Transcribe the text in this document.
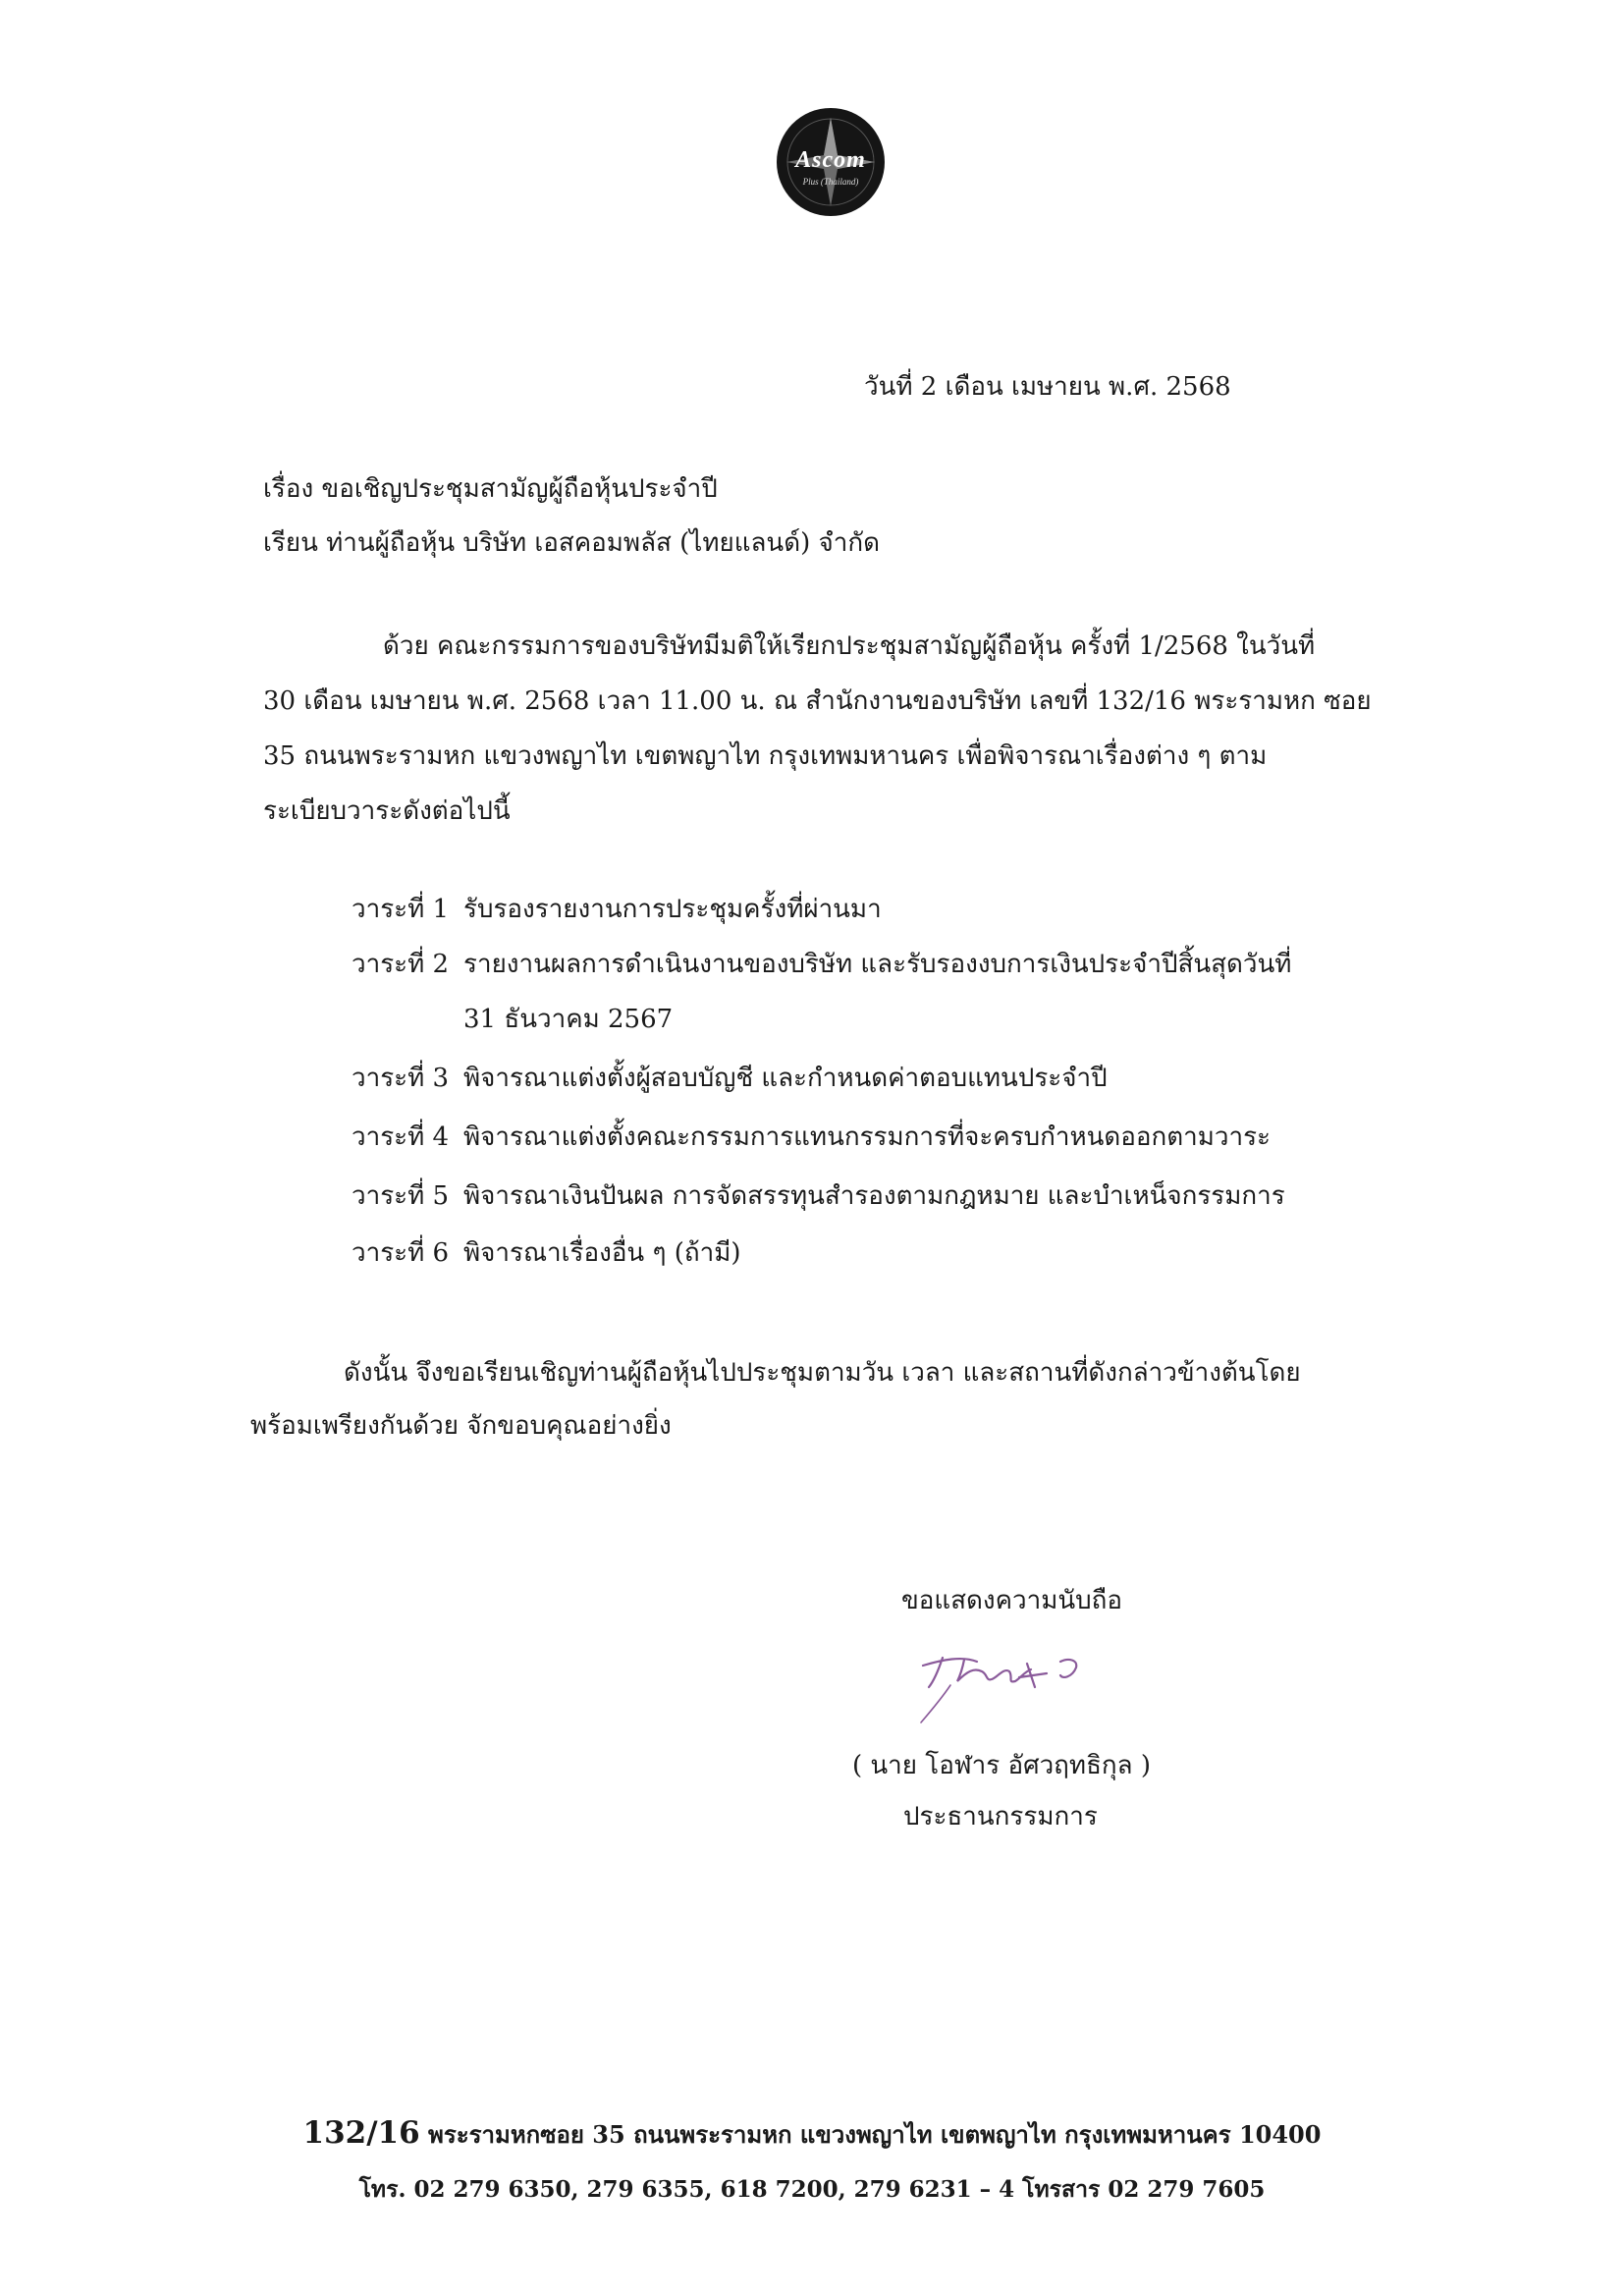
Ascom
Plus (Thailand)
วันที่ 2 เดือน เมษายน พ.ศ. 2568
เรื่อง ขอเชิญประชุมสามัญผู้ถือหุ้นประจำปี
เรียน ท่านผู้ถือหุ้น บริษัท เอสคอมพลัส (ไทยแลนด์) จำกัด
ด้วย คณะกรรมการของบริษัทมีมติให้เรียกประชุมสามัญผู้ถือหุ้น ครั้งที่ 1/2568 ในวันที่
30 เดือน เมษายน พ.ศ. 2568 เวลา 11.00 น. ณ สำนักงานของบริษัท เลขที่ 132/16 พระรามหก ซอย
35 ถนนพระรามหก แขวงพญาไท เขตพญาไท กรุงเทพมหานคร เพื่อพิจารณาเรื่องต่าง ๆ ตาม
ระเบียบวาระดังต่อไปนี้
วาระที่ 1 รับรองรายงานการประชุมครั้งที่ผ่านมา
วาระที่ 2 รายงานผลการดำเนินงานของบริษัท และรับรองงบการเงินประจำปีสิ้นสุดวันที่
31 ธันวาคม 2567
วาระที่ 3 พิจารณาแต่งตั้งผู้สอบบัญชี และกำหนดค่าตอบแทนประจำปี
วาระที่ 4 พิจารณาแต่งตั้งคณะกรรมการแทนกรรมการที่จะครบกำหนดออกตามวาระ
วาระที่ 5 พิจารณาเงินปันผล การจัดสรรทุนสำรองตามกฎหมาย และบำเหน็จกรรมการ
วาระที่ 6 พิจารณาเรื่องอื่น ๆ (ถ้ามี)
ดังนั้น จึงขอเรียนเชิญท่านผู้ถือหุ้นไปประชุมตามวัน เวลา และสถานที่ดังกล่าวข้างต้นโดย
พร้อมเพรียงกันด้วย จักขอบคุณอย่างยิ่ง
ขอแสดงความนับถือ
( นาย โอฬาร อัศวฤทธิกุล )
ประธานกรรมการ
132/16 พระรามหกซอย 35 ถนนพระรามหก แขวงพญาไท เขตพญาไท กรุงเทพมหานคร 10400
โทร. 02 279 6350, 279 6355, 618 7200, 279 6231 – 4 โทรสาร 02 279 7605
